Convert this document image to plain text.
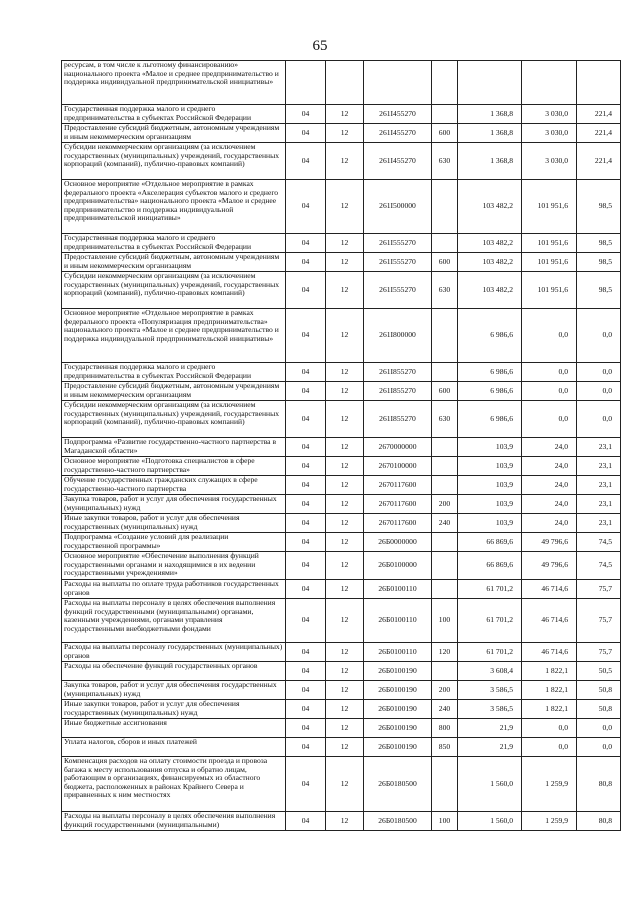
65
ресурсам, в том числе к льготному финансированию» национального проекта «Малое и среднее предпринимательство и поддержка индивидуальной предпринимательской инициативы»							
Государственная поддержка малого и среднего предпринимательства в субъектах Российской Федерации	04	12	261I455270		1 368,8	3 030,0	221,4
Предоставление субсидий бюджетным, автономным учреждениям и иным некоммерческим организациям	04	12	261I455270	600	1 368,8	3 030,0	221,4
Субсидии некоммерческим организациям (за исключением государственных (муниципальных) учреждений, государственных корпораций (компаний), публично-правовых компаний)	04	12	261I455270	630	1 368,8	3 030,0	221,4
Основное мероприятие «Отдельное мероприятие в рамках федерального проекта «Акселерация субъектов малого и среднего предпринимательства» национального проекта «Малое и среднее предпринимательство и поддержка индивидуальной предпринимательской инициативы»	04	12	261I500000		103 482,2	101 951,6	98,5
Государственная поддержка малого и среднего предпринимательства в субъектах Российской Федерации	04	12	261I555270		103 482,2	101 951,6	98,5
Предоставление субсидий бюджетным, автономным учреждениям и иным некоммерческим организациям	04	12	261I555270	600	103 482,2	101 951,6	98,5
Субсидии некоммерческим организациям (за исключением государственных (муниципальных) учреждений, государственных корпораций (компаний), публично-правовых компаний)	04	12	261I555270	630	103 482,2	101 951,6	98,5
Основное мероприятие «Отдельное мероприятие в рамках федерального проекта «Популяризация предпринимательства» национального проекта «Малое и среднее предпринимательство и поддержка индивидуальной предпринимательской инициативы»	04	12	261I800000		6 986,6	0,0	0,0
Государственная поддержка малого и среднего предпринимательства в субъектах Российской Федерации	04	12	261I855270		6 986,6	0,0	0,0
Предоставление субсидий бюджетным, автономным учреждениям и иным некоммерческим организациям	04	12	261I855270	600	6 986,6	0,0	0,0
Субсидии некоммерческим организациям (за исключением государственных (муниципальных) учреждений, государственных корпораций (компаний), публично-правовых компаний)	04	12	261I855270	630	6 986,6	0,0	0,0
Подпрограмма «Развитие государственно-частного партнерства в Магаданской области»	04	12	2670000000		103,9	24,0	23,1
Основное мероприятие «Подготовка специалистов в сфере государственно-частного партнерства»	04	12	2670100000		103,9	24,0	23,1
Обучение государственных гражданских служащих в сфере государственно-частного партнерства	04	12	2670117600		103,9	24,0	23,1
Закупка товаров, работ и услуг для обеспечения государственных (муниципальных) нужд	04	12	2670117600	200	103,9	24,0	23,1
Иные закупки товаров, работ и услуг для обеспечения государственных (муниципальных) нужд	04	12	2670117600	240	103,9	24,0	23,1
Подпрограмма «Создание условий для реализации государственной программы»	04	12	26Б0000000		66 869,6	49 796,6	74,5
Основное мероприятие «Обеспечение выполнения функций государственными органами и находящимися в их ведении государственными учреждениями»	04	12	26Б0100000		66 869,6	49 796,6	74,5
Расходы на выплаты по оплате труда работников государственных органов	04	12	26Б0100110		61 701,2	46 714,6	75,7
Расходы на выплаты персоналу в целях обеспечения выполнения функций государственными (муниципальными) органами, казенными учреждениями, органами управления государственными внебюджетными фондами	04	12	26Б0100110	100	61 701,2	46 714,6	75,7
Расходы на выплаты персоналу государственных (муниципальных) органов	04	12	26Б0100110	120	61 701,2	46 714,6	75,7
Расходы на обеспечение функций государственных органов	04	12	26Б0100190		3 608,4	1 822,1	50,5
Закупка товаров, работ и услуг для обеспечения государственных (муниципальных) нужд	04	12	26Б0100190	200	3 586,5	1 822,1	50,8
Иные закупки товаров, работ и услуг для обеспечения государственных (муниципальных) нужд	04	12	26Б0100190	240	3 586,5	1 822,1	50,8
Иные бюджетные ассигнования	04	12	26Б0100190	800	21,9	0,0	0,0
Уплата налогов, сборов и иных платежей	04	12	26Б0100190	850	21,9	0,0	0,0
Компенсация расходов на оплату стоимости проезда и провоза багажа к месту использования отпуска и обратно лицам, работающим в организациях, финансируемых из областного бюджета, расположенных в районах Крайнего Севера и приравненных к ним местностях	04	12	26Б0180500		1 560,0	1 259,9	80,8
Расходы на выплаты персоналу в целях обеспечения выполнения функций государственными (муниципальными)	04	12	26Б0180500	100	1 560,0	1 259,9	80,8
